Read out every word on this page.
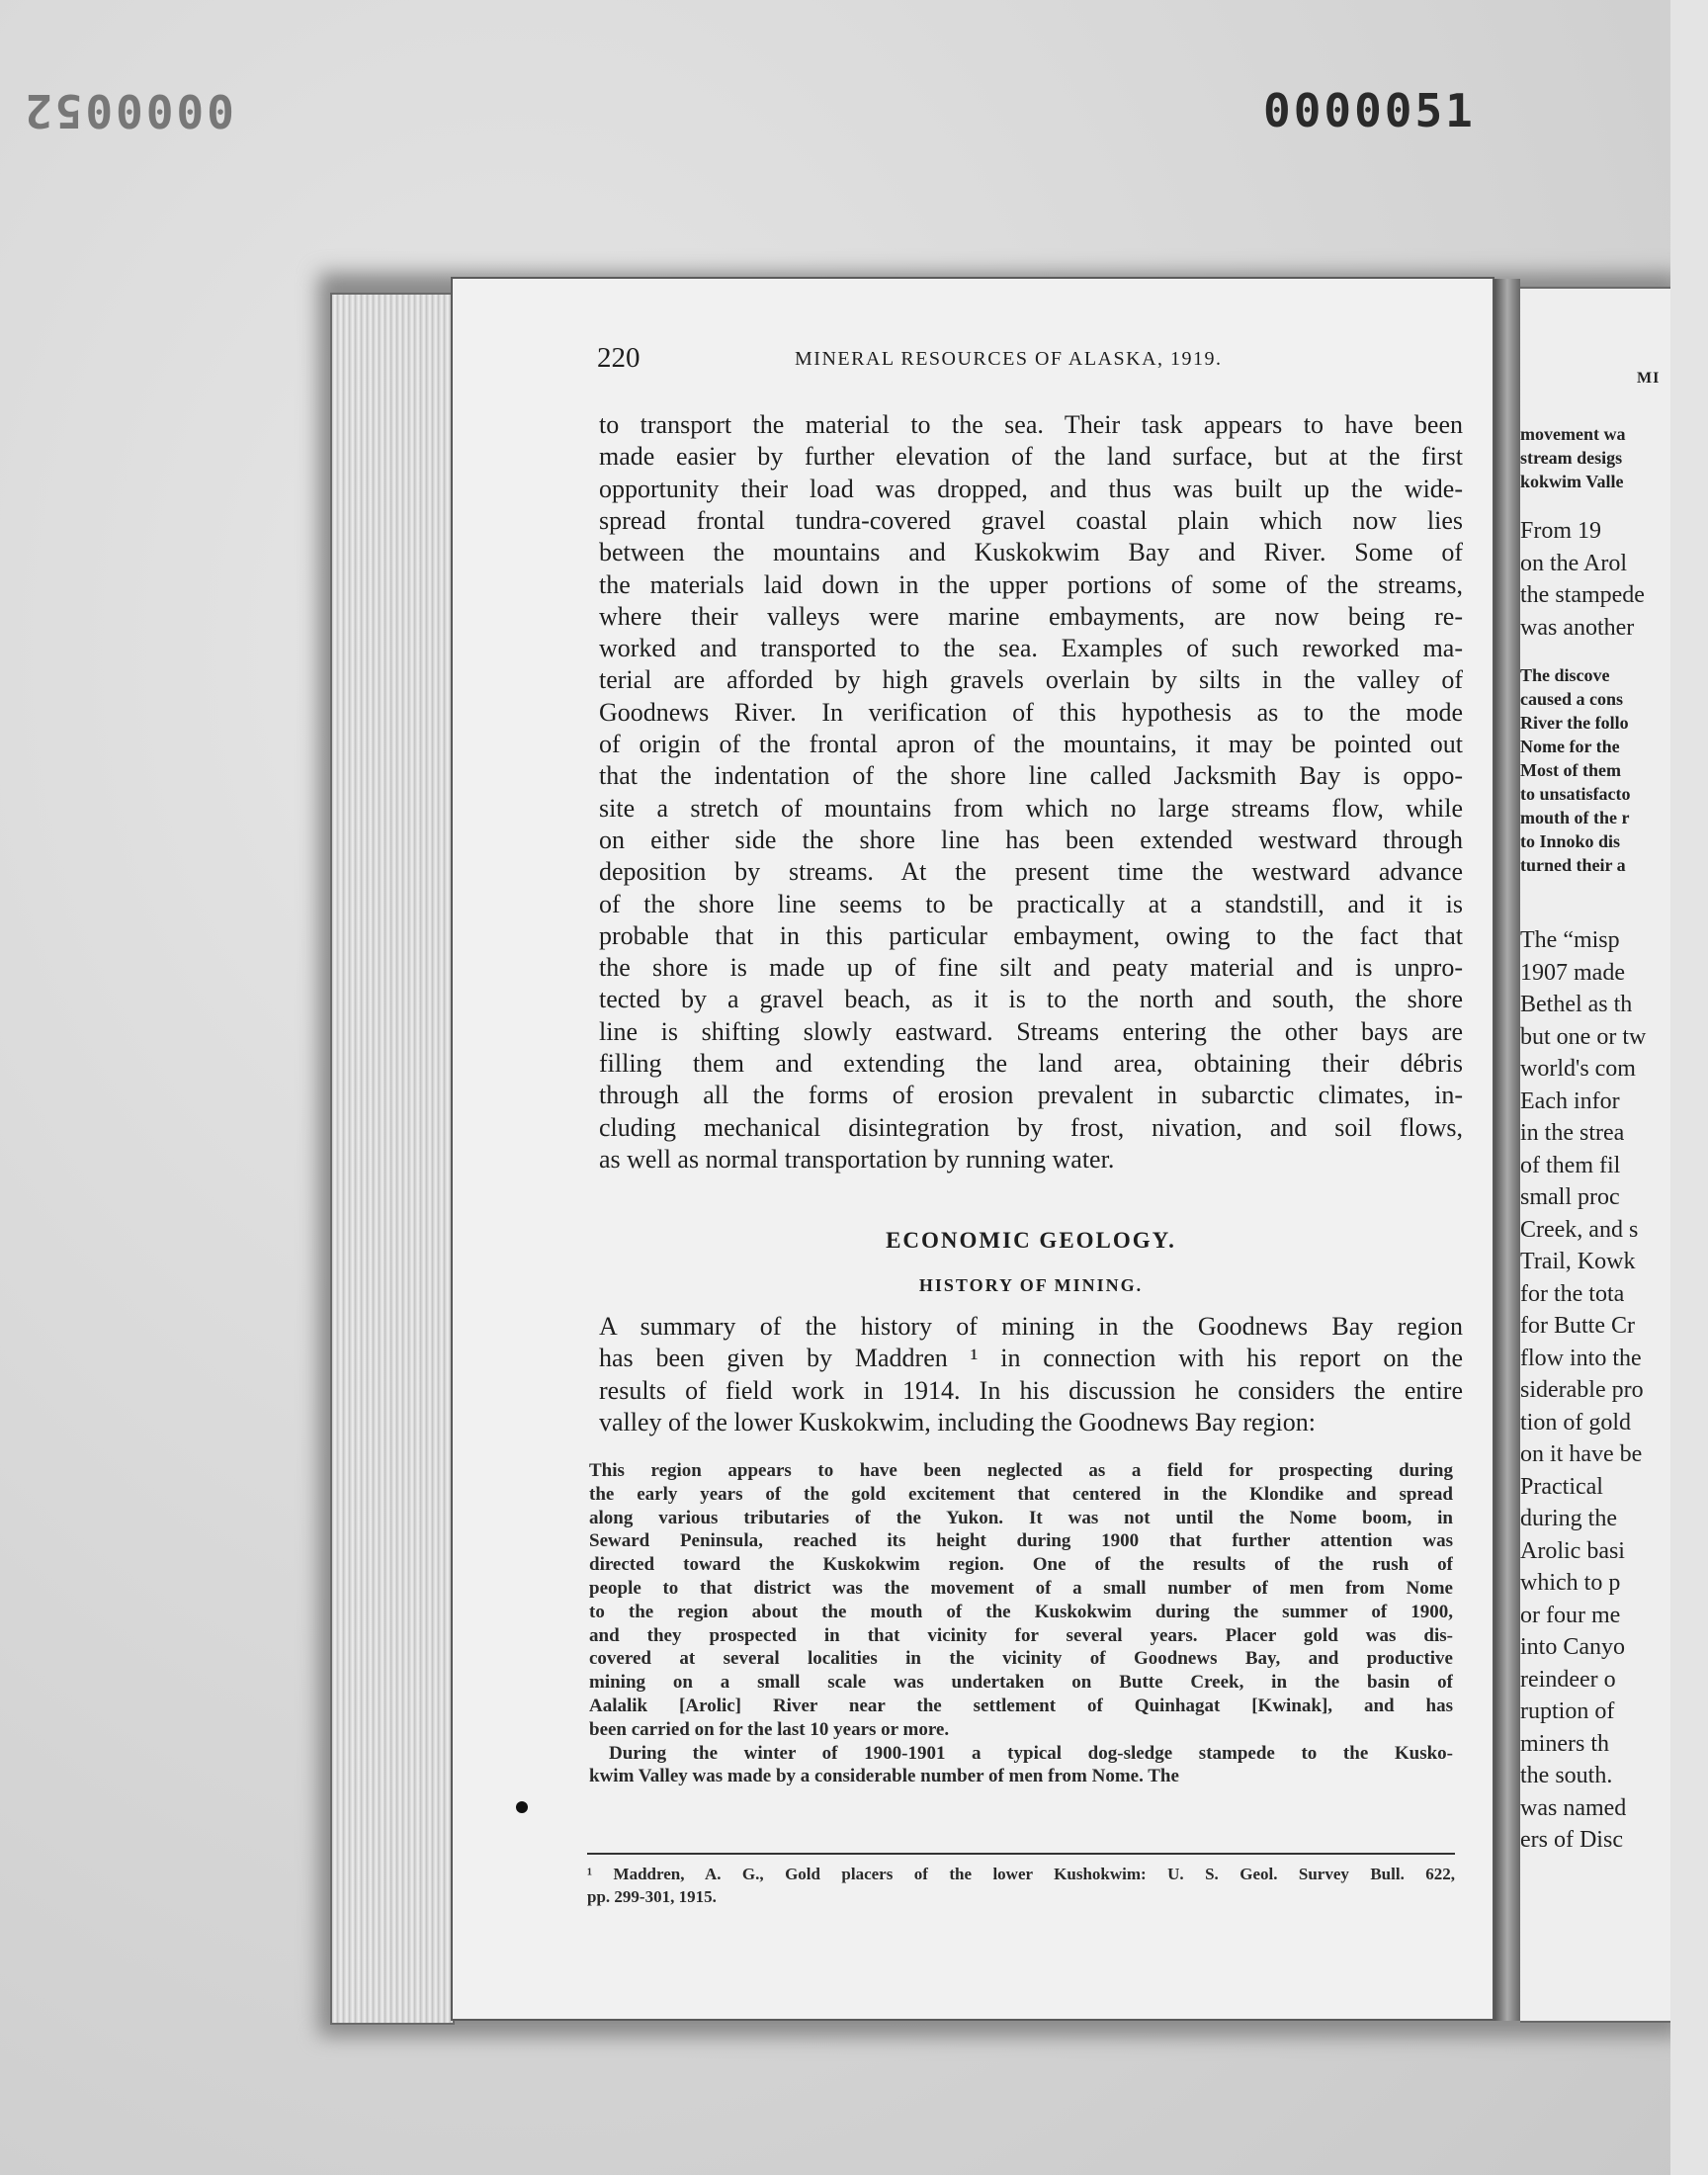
0000052	0000051
220	MINERAL RESOURCES OF ALASKA, 1919.

to transport the material to the sea. Their task appears to have been

made easier by further elevation of the land surface, but at the first

opportunity their load was dropped, and thus was built up the wide-

spread frontal tundra-covered gravel coastal plain which now lies

between the mountains and Kuskokwim Bay and River. Some of

the materials laid down in the upper portions of some of the streams,

where their valleys were marine embayments, are now being re-

worked and transported to the sea. Examples of such reworked ma-

terial are afforded by high gravels overlain by silts in the valley of

Goodnews River. In verification of this hypothesis as to the mode

of origin of the frontal apron of the mountains, it may be pointed out

that the indentation of the shore line called Jacksmith Bay is oppo-

site a stretch of mountains from which no large streams flow, while

on either side the shore line has been extended westward through

deposition by streams. At the present time the westward advance

of the shore line seems to be practically at a standstill, and it is

probable that in this particular embayment, owing to the fact that

the shore is made up of fine silt and peaty material and is unpro-

tected by a gravel beach, as it is to the north and south, the shore

line is shifting slowly eastward. Streams entering the other bays are

filling them and extending the land area, obtaining their débris

through all the forms of erosion prevalent in subarctic climates, in-

cluding mechanical disintegration by frost, nivation, and soil flows,

as well as normal transportation by running water.

ECONOMIC GEOLOGY.

HISTORY OF MINING.

A summary of the history of mining in the Goodnews Bay region

has been given by Maddren ¹ in connection with his report on the

results of field work in 1914. In his discussion he considers the entire

valley of the lower Kuskokwim, including the Goodnews Bay region:

This region appears to have been neglected as a field for prospecting during

the early years of the gold excitement that centered in the Klondike and spread

along various tributaries of the Yukon. It was not until the Nome boom, in

Seward Peninsula, reached its height during 1900 that further attention was

directed toward the Kuskokwim region. One of the results of the rush of

people to that district was the movement of a small number of men from Nome

to the region about the mouth of the Kuskokwim during the summer of 1900,

and they prospected in that vicinity for several years. Placer gold was dis-

covered at several localities in the vicinity of Goodnews Bay, and productive

mining on a small scale was undertaken on Butte Creek, in the basin of

Aalalik [Arolic] River near the settlement of Quinhagat [Kwinak], and has

been carried on for the last 10 years or more.

During the winter of 1900-1901 a typical dog-sledge stampede to the Kusko-

kwim Valley was made by a considerable number of men from Nome. The

¹ Maddren, A. G., Gold placers of the lower Kushokwim: U. S. Geol. Survey Bull. 622,

pp. 299-301, 1915.

MI
movement wa
stream desigs
kokwim Valle
From 19
on the Arol
the stampede
was another
The discove
caused a cons
River the follo
Nome for the
Most of them
to unsatisfacto
mouth of the r
to Innoko dis
turned their a
The “misp
1907 made
Bethel as th
but one or tw
world's com
Each infor
in the strea
of them fil
small proc
Creek, and s
Trail, Kowk
for the tota
for Butte Cr
flow into the
siderable pro
tion of gold
on it have be
Practical
during the
Arolic basi
which to p
or four me
into Canyo
reindeer o
ruption of
miners th
the south.
was named
ers of Disc
